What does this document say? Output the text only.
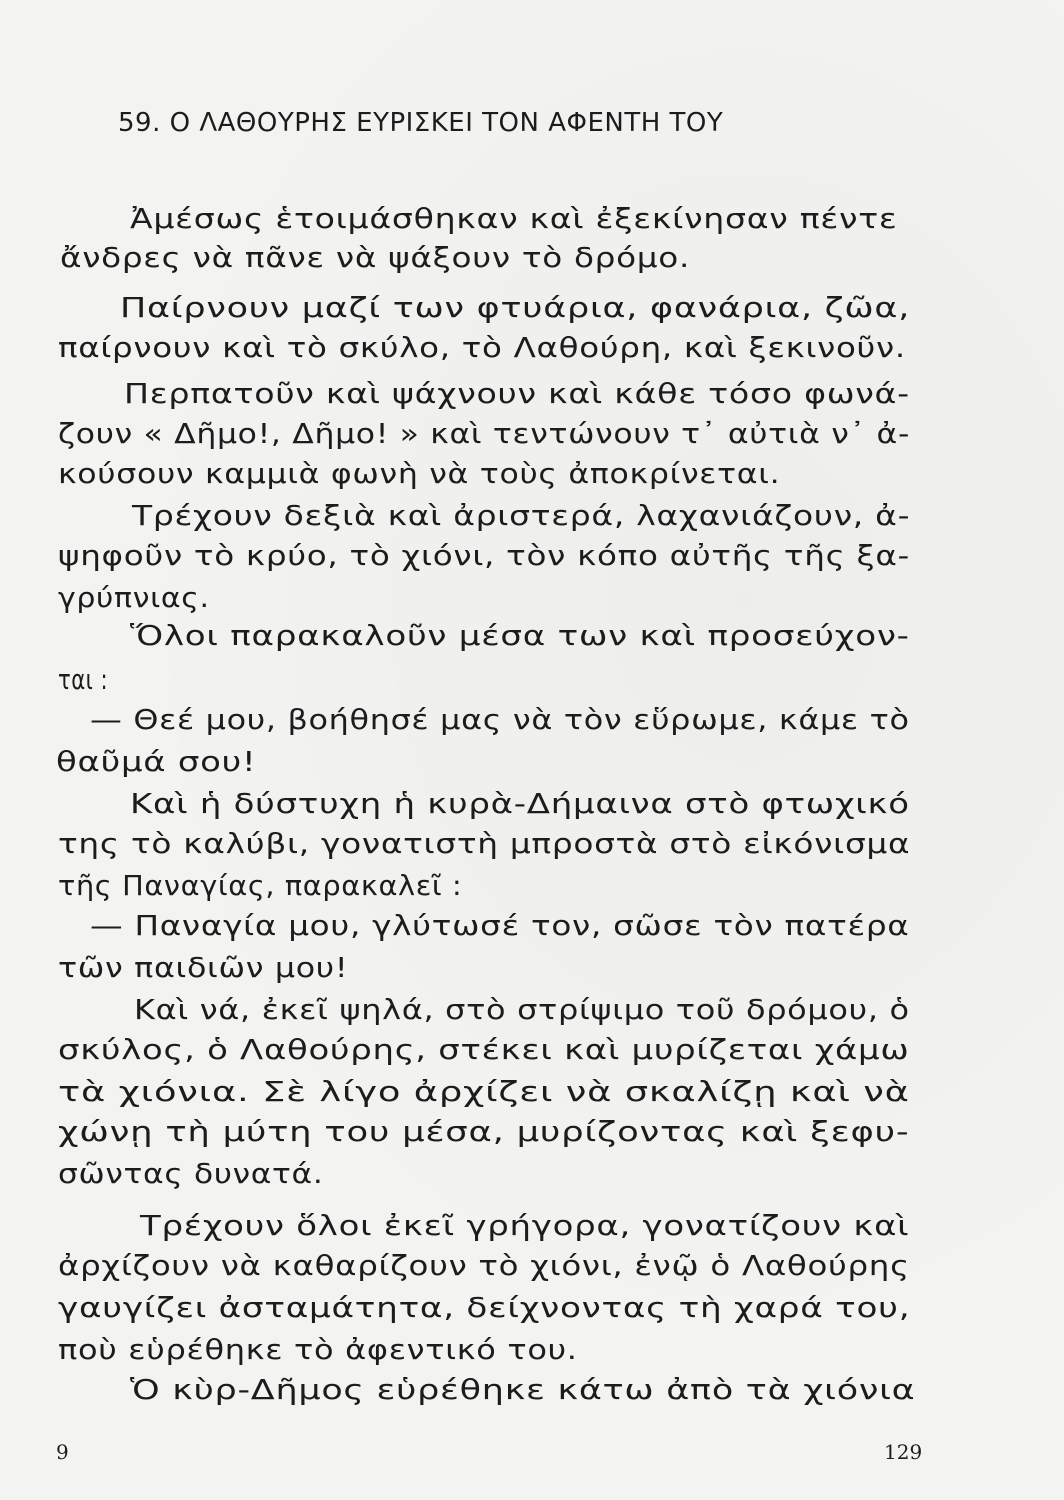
59. Ο ΛΑΘΟΥΡΗΣ ΕΥΡΙΣΚΕΙ ΤΟΝ ΑΦΕΝΤΗ ΤΟΥ
Ἀμέσως ἑτοιμάσθηκαν καὶ ἐξεκίνησαν πέντε
ἄνδρες νὰ πᾶνε νὰ ψάξουν τὸ δρόμο.
Παίρνουν μαζί των φτυάρια, φανάρια, ζῶα,
παίρνουν καὶ τὸ σκύλο, τὸ Λαθούρη, καὶ ξεκινοῦν.
Περπατοῦν καὶ ψάχνουν καὶ κάθε τόσο φωνά-
ζουν « Δῆμο!, Δῆμο! » καὶ τεντώνουν τ᾽ αὐτιὰ ν᾽ ἀ-
κούσουν καμμιὰ φωνὴ νὰ τοὺς ἀποκρίνεται.
Τρέχουν δεξιὰ καὶ ἀριστερά, λαχανιάζουν, ἀ-
ψηφοῦν τὸ κρύο, τὸ χιόνι, τὸν κόπο αὐτῆς τῆς ξα-
γρύπνιας.
Ὅλοι παρακαλοῦν μέσα των καὶ προσεύχον-
ται :
— Θεέ μου, βοήθησέ μας νὰ τὸν εὕρωμε, κάμε τὸ
θαῦμά σου!
Καὶ ἡ δύστυχη ἡ κυρὰ-Δήμαινα στὸ φτωχικό
της τὸ καλύβι, γονατιστὴ μπροστὰ στὸ εἰκόνισμα
τῆς Παναγίας, παρακαλεῖ :
— Παναγία μου, γλύτωσέ τον, σῶσε τὸν πατέρα
τῶν παιδιῶν μου!
Καὶ νά, ἐκεῖ ψηλά, στὸ στρίψιμο τοῦ δρόμου, ὁ
σκύλος, ὁ Λαθούρης, στέκει καὶ μυρίζεται χάμω
τὰ χιόνια. Σὲ λίγο ἀρχίζει νὰ σκαλίζῃ καὶ νὰ
χώνῃ τὴ μύτη του μέσα, μυρίζοντας καὶ ξεφυ-
σῶντας δυνατά.
Τρέχουν ὅλοι ἐκεῖ γρήγορα, γονατίζουν καὶ
ἀρχίζουν νὰ καθαρίζουν τὸ χιόνι, ἐνῷ ὁ Λαθούρης
γαυγίζει ἀσταμάτητα, δείχνοντας τὴ χαρά του,
ποὺ εὑρέθηκε τὸ ἀφεντικό του.
Ὁ κὺρ-Δῆμος εὑρέθηκε κάτω ἀπὸ τὰ χιόνια
9	129
